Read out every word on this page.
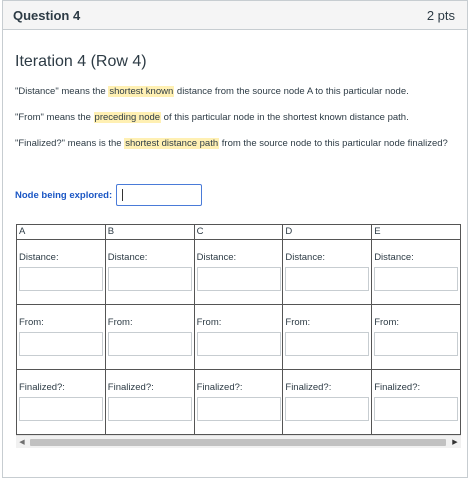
Question 4	2 pts
Iteration 4 (Row 4)

"Distance" means the shortest known distance from the source node A to this particular node.

"From" means the preceding node of this particular node in the shortest known distance path.

"Finalized?" means is the shortest distance path from the source node to this particular node finalized?

Node being explored:
A	B	C	D	E

Distance:	Distance:	Distance:	Distance:	Distance:

From:	From:	From:	From:	From:

Finalized?:	Finalized?:	Finalized?:	Finalized?:	Finalized?:
◀	▶
